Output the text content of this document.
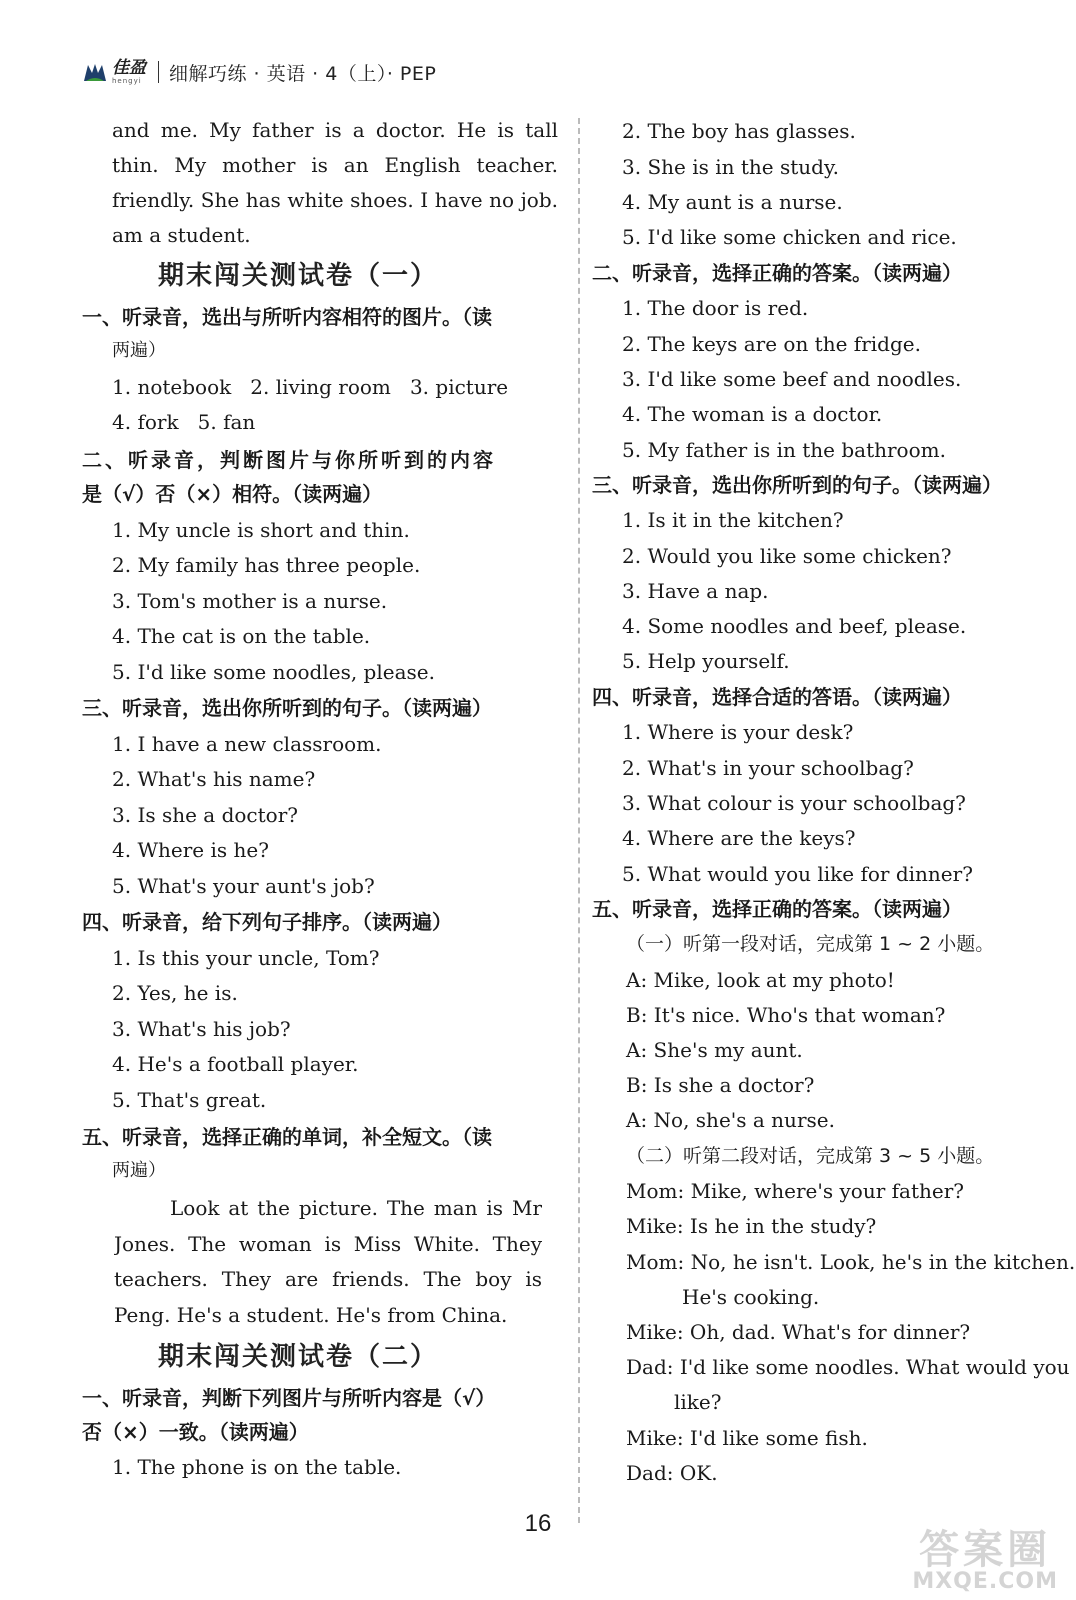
佳盈
hengyi 细解巧练 · 英语 · 4（上）· PEP
and me. My father is a doctor. He is tall
thin. My mother is an English teacher.
friendly. She has white shoes. I have no job.
am a student.
期末闯关测试卷（一）
一、听录音，选出与所听内容相符的图片。（读
两遍）
1. notebook   2. living room   3. picture
4. fork   5. fan
二、听录音，判断图片与你所听到的内容
是（√）否（×）相符。（读两遍）
1. My uncle is short and thin.
2. My family has three people.
3. Tom's mother is a nurse.
4. The cat is on the table.
5. I'd like some noodles, please.
三、听录音，选出你所听到的句子。（读两遍）
1. I have a new classroom.
2. What's his name?
3. Is she a doctor?
4. Where is he?
5. What's your aunt's job?
四、听录音，给下列句子排序。（读两遍）
1. Is this your uncle, Tom?
2. Yes, he is.
3. What's his job?
4. He's a football player.
5. That's great.
五、听录音，选择正确的单词，补全短文。（读
两遍）
Look at the picture. The man is Mr
Jones. The woman is Miss White. They
teachers. They are friends. The boy is
Peng. He's a student. He's from China.
期末闯关测试卷（二）
一、听录音，判断下列图片与所听内容是（√）
否（×）一致。（读两遍）
1. The phone is on the table.
2. The boy has glasses.
3. She is in the study.
4. My aunt is a nurse.
5. I'd like some chicken and rice.
二、听录音，选择正确的答案。（读两遍）
1. The door is red.
2. The keys are on the fridge.
3. I'd like some beef and noodles.
4. The woman is a doctor.
5. My father is in the bathroom.
三、听录音，选出你所听到的句子。（读两遍）
1. Is it in the kitchen?
2. Would you like some chicken?
3. Have a nap.
4. Some noodles and beef, please.
5. Help yourself.
四、听录音，选择合适的答语。（读两遍）
1. Where is your desk?
2. What's in your schoolbag?
3. What colour is your schoolbag?
4. Where are the keys?
5. What would you like for dinner?
五、听录音，选择正确的答案。（读两遍）
（一）听第一段对话，完成第 1 ~ 2 小题。
A: Mike, look at my photo!
B: It's nice. Who's that woman?
A: She's my aunt.
B: Is she a doctor?
A: No, she's a nurse.
（二）听第二段对话，完成第 3 ~ 5 小题。
Mom: Mike, where's your father?
Mike: Is he in the study?
Mom: No, he isn't. Look, he's in the kitchen.
He's cooking.
Mike: Oh, dad. What's for dinner?
Dad: I'd like some noodles. What would you
like?
Mike: I'd like some fish.
Dad: OK.
16
答案圈
MXQE.COM
